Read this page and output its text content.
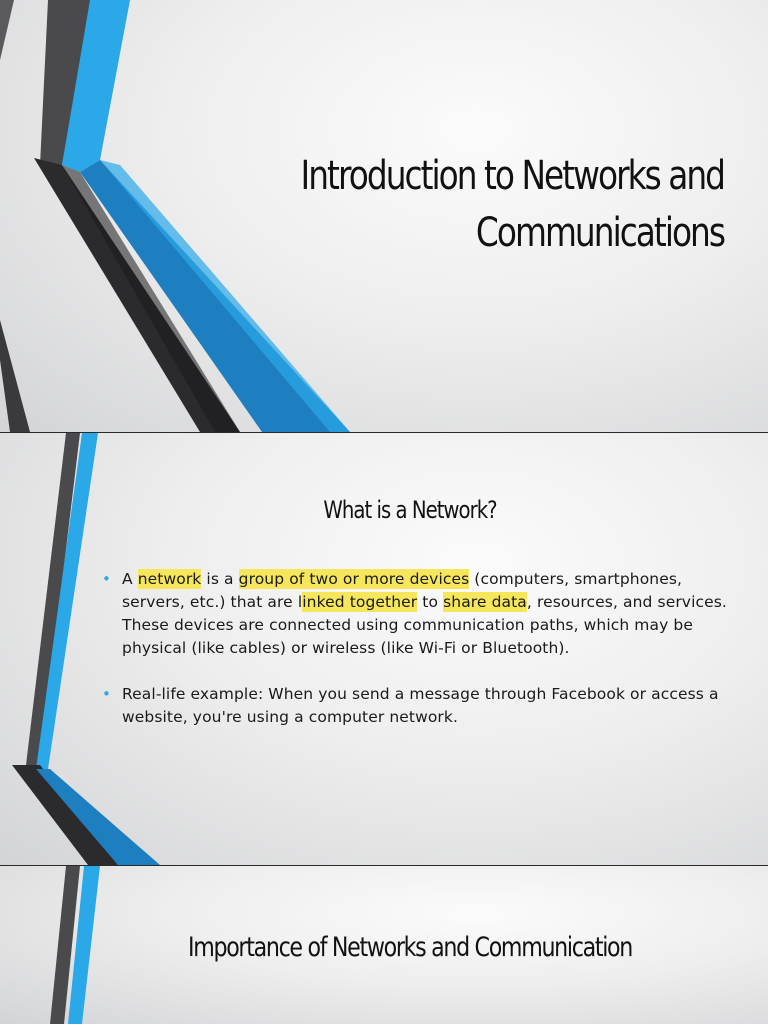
Introduction to Networks and
Communications
What is a Network?
• A network is a group of two or more devices (computers, smartphones, servers, etc.) that are linked together to share data, resources, and services. These devices are connected using communication paths, which may be physical (like cables) or wireless (like Wi-Fi or Bluetooth).
• Real-life example: When you send a message through Facebook or access a website, you're using a computer network.
Importance of Networks and Communication
